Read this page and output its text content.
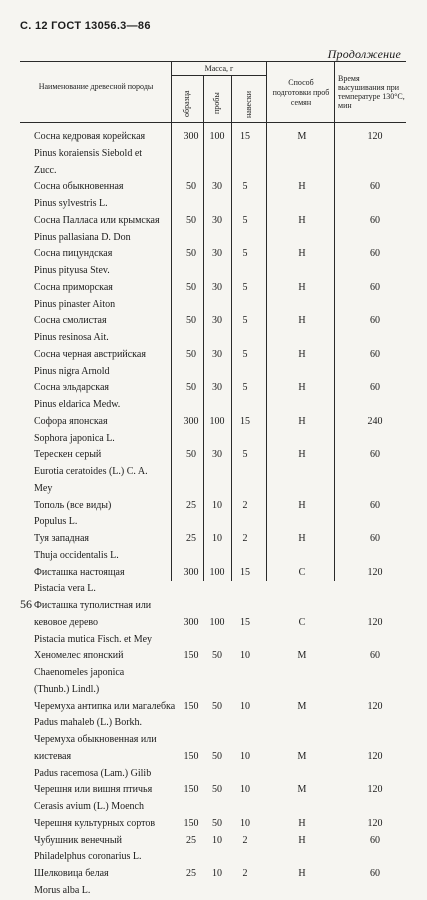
С. 12 ГОСТ 13056.3—86
Продолжение
Наименование древесной породы
Масса, г
образца	пробы	навески
Способ подготовки проб семян
Время высушивания при температуре 130°С, мин
Сосна кедровая корейская	300	100	15	М	120
Pinus koraiensis Siebold et
Zucc.
Сосна обыкновенная	50	30	5	Н	60
Pinus sylvestris L.
Сосна Палласа или крымская	50	30	5	Н	60
Pinus pallasiana D. Don
Сосна пицундская	50	30	5	Н	60
Pinus pityusa Stev.
Сосна приморская	50	30	5	Н	60
Pinus pinaster Aiton
Сосна смолистая	50	30	5	Н	60
Pinus resinosa Ait.
Сосна черная австрийская	50	30	5	Н	60
Pinus nigra Arnold
Сосна эльдарская	50	30	5	Н	60
Pinus eldarica Medw.
Софора японская	300	100	15	Н	240
Sophora japonica L.
Терескен серый	50	30	5	Н	60
Eurotia ceratoides (L.) C. A.
Mey
Тополь (все виды)	25	10	2	Н	60
Populus L.
Туя западная	25	10	2	Н	60
Thuja occidentalis L.
Фисташка настоящая	300	100	15	С	120
Pistacia vera L.
Фисташка туполистная или
кевовое дерево	300	100	15	С	120
Pistacia mutica Fisch. et Mey
Хеномелес японский	150	50	10	М	60
Chaenomeles japonica
(Thunb.) Lindl.)
Черемуха антипка или магалебка 150	50	10	М	120
Padus mahaleb (L.) Borkh.
Черемуха обыкновенная или
кистевая	150	50	10	М	120
Padus racemosa (Lam.) Gilib
Черешня или вишня птичья	150	50	10	М	120
Cerasis avium (L.) Moench
Черешня культурных сортов	150	50	10	Н	120
Чубушник венечный	25	10	2	Н	60
Philadelphus coronarius L.
Шелковица белая	25	10	2	Н	60
Morus alba L.
56
